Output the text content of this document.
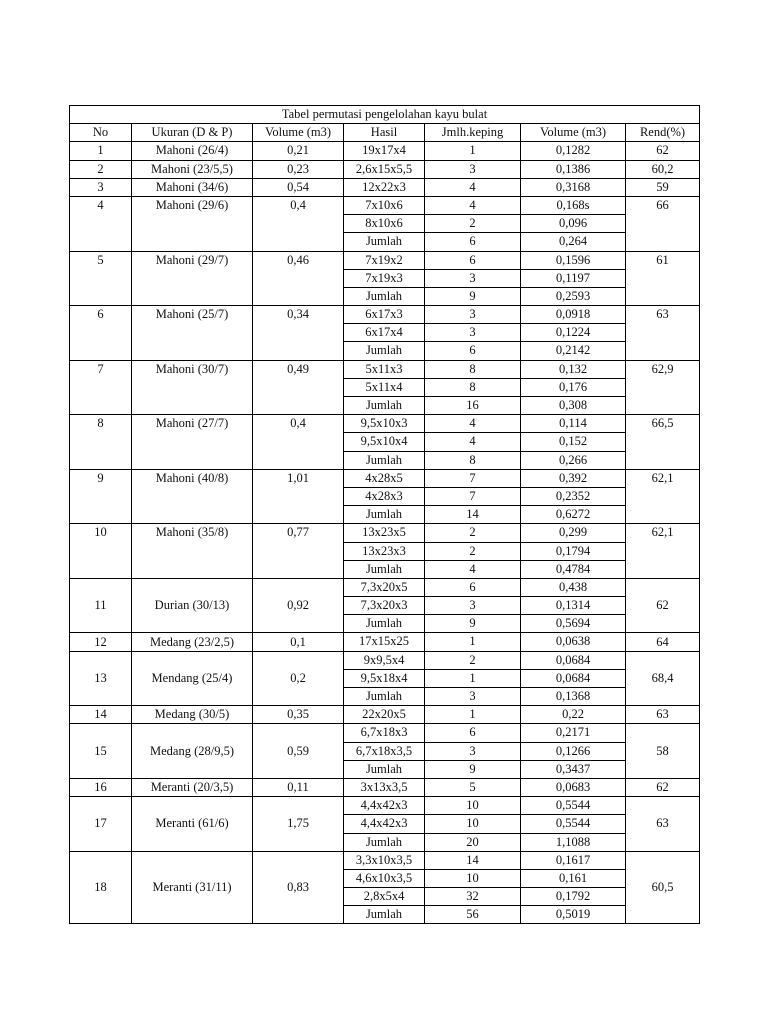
Tabel permutasi pengelolahan kayu bulat						
No	Ukuran (D & P)	Volume (m3)	Hasil	Jmlh.keping	Volume (m3)	Rend(%)
1	Mahoni (26/4)	0,21	19x17x4	1	0,1282	62
2	Mahoni (23/5,5)	0,23	2,6x15x5,5	3	0,1386	60,2
3	Mahoni (34/6)	0,54	12x22x3	4	0,3168	59
4	Mahoni (29/6)	0,4	7x10x6	4	0,168s	66
			8x10x6	2	0,096	
			Jumlah	6	0,264	
5	Mahoni (29/7)	0,46	7x19x2	6	0,1596	61
			7x19x3	3	0,1197	
			Jumlah	9	0,2593	
6	Mahoni (25/7)	0,34	6x17x3	3	0,0918	63
			6x17x4	3	0,1224	
			Jumlah	6	0,2142	
7	Mahoni (30/7)	0,49	5x11x3	8	0,132	62,9
			5x11x4	8	0,176	
			Jumlah	16	0,308	
8	Mahoni (27/7)	0,4	9,5x10x3	4	0,114	66,5
			9,5x10x4	4	0,152	
			Jumlah	8	0,266	
9	Mahoni (40/8)	1,01	4x28x5	7	0,392	62,1
			4x28x3	7	0,2352	
			Jumlah	14	0,6272	
10	Mahoni (35/8)	0,77	13x23x5	2	0,299	62,1
			13x23x3	2	0,1794	
			Jumlah	4	0,4784	
11	Durian (30/13)	0,92	7,3x20x5	6	0,438	62
			7,3x20x3	3	0,1314	
			Jumlah	9	0,5694	
12	Medang (23/2,5)	0,1	17x15x25	1	0,0638	64
13	Mendang (25/4)	0,2	9x9,5x4	2	0,0684	68,4
			9,5x18x4	1	0,0684	
			Jumlah	3	0,1368	
14	Medang (30/5)	0,35	22x20x5	1	0,22	63
15	Medang (28/9,5)	0,59	6,7x18x3	6	0,2171	58
			6,7x18x3,5	3	0,1266	
			Jumlah	9	0,3437	
16	Meranti (20/3,5)	0,11	3x13x3,5	5	0,0683	62
17	Meranti (61/6)	1,75	4,4x42x3	10	0,5544	63
			4,4x42x3	10	0,5544	
			Jumlah	20	1,1088	
18	Meranti (31/11)	0,83	3,3x10x3,5	14	0,1617	60,5
			4,6x10x3,5	10	0,161	
			2,8x5x4	32	0,1792	
			Jumlah	56	0,5019	
